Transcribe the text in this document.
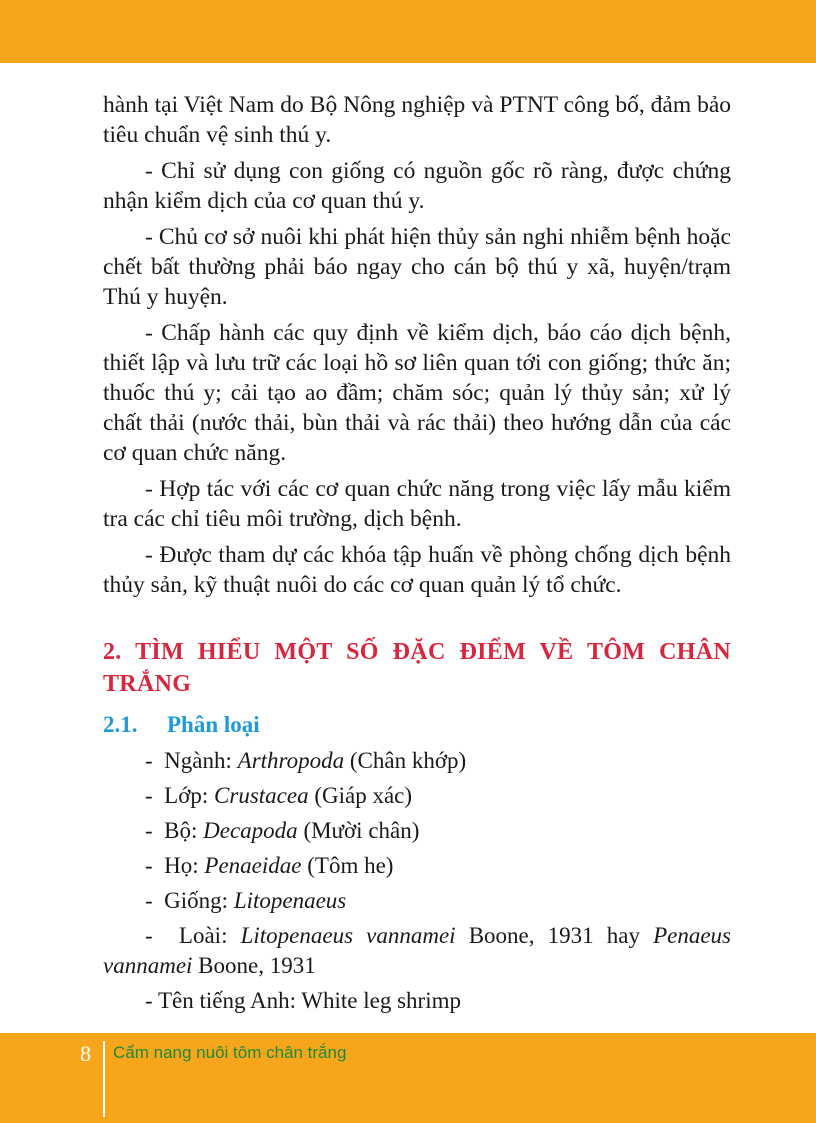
hành tại Việt Nam do Bộ Nông nghiệp và PTNT công bố, đảm bảo tiêu chuẩn vệ sinh thú y.

- Chỉ sử dụng con giống có nguồn gốc rõ ràng, được chứng nhận kiểm dịch của cơ quan thú y.

- Chủ cơ sở nuôi khi phát hiện thủy sản nghi nhiễm bệnh hoặc chết bất thường phải báo ngay cho cán bộ thú y xã, huyện/trạm Thú y huyện.

- Chấp hành các quy định về kiểm dịch, báo cáo dịch bệnh, thiết lập và lưu trữ các loại hồ sơ liên quan tới con giống; thức ăn; thuốc thú y; cải tạo ao đầm; chăm sóc; quản lý thủy sản; xử lý chất thải (nước thải, bùn thải và rác thải) theo hướng dẫn của các cơ quan chức năng.

- Hợp tác với các cơ quan chức năng trong việc lấy mẫu kiểm tra các chỉ tiêu môi trường, dịch bệnh.

- Được tham dự các khóa tập huấn về phòng chống dịch bệnh thủy sản, kỹ thuật nuôi do các cơ quan quản lý tổ chức.

2. TÌM HIỂU MỘT SỐ ĐẶC ĐIỂM VỀ TÔM CHÂN TRẮNG
2.1. Phân loại
- Ngành: Arthropoda (Chân khớp)
- Lớp: Crustacea (Giáp xác)
- Bộ: Decapoda (Mười chân)
- Họ: Penaeidae (Tôm he)
- Giống: Litopenaeus
- Loài: Litopenaeus vannamei Boone, 1931 hay Penaeus vannamei Boone, 1931
- Tên tiếng Anh: White leg shrimp
8 Cẩm nang nuôi tôm chân trắng
